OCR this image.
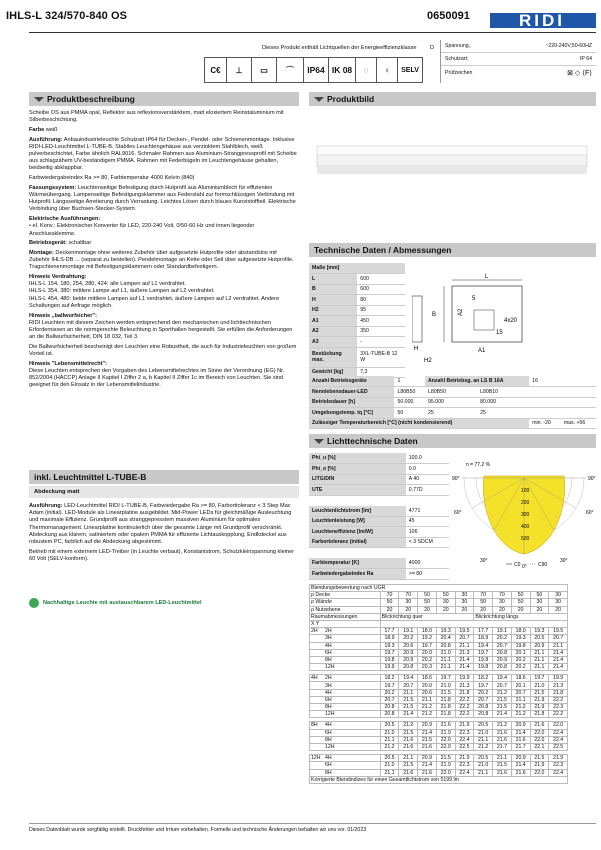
IHLS-L 324/570-840 OS	0650091	RIDI
Dieses Produkt enthält Lichtquellen der Energieeffizienzklasse D Spannung,	~220-240V,50-60HZ
Schutzart:	IP 64
Prüfzeichen	⊠ ◇ ⟨F⟩
C€	⊥	▭	⌒	IP64 IK 08	◌	♀	SELV
Produktbeschreibung

Scheibe OS aus PMMA opal, Reflektor aus reflexionsverstärktem, matt eloxiertem Reinstaluminium mit Silberbeschichtung.

Farbe weiß

Ausführung: Anbauindustrieleuchte Schutzart IP64 für Decken-, Pendel- oder Schienenmontage. Inklusive RIDI-LED-Leuchtmittel L-TUBE-B. Stabiles Leuchtengehäuse aus verzinktem Stahlblech, weiß pulverbeschichtet, Farbe ähnlich RAL9016. Schmaler Rahmen aus Aluminium-Strangpressprofil mit Scheibe aus schlagzähem UV-beständigem PMMA. Rahmen mit Federbügeln im Leuchtengehäuse gehalten, beidseitig abklappbar.

Farbwiedergabeindex Ra >= 80, Farbtemperatur 4000 Kelvin (840)

Fassungssystem: Leuchtenseitige Befestigung durch Hutprofil aus Aluminiumblech für effizienten Wärmeübergang. Lampenseitige Befestigungsklammer aus Federstahl zur formschlüssigen Verbindung mit Hutprofil. Längsseitige Arretierung durch Verrastung. Leichtes Lösen durch blaues Kunststoffteil. Elektrische Verbindung über Buchsen-Stecker-System.

Elektrische Ausführungen:

• el. Konv.: Elektronischer Konverter für LED, 220-240 Volt, 0/50-60 Hz und innen liegender Anschlussklemme.

Betriebsgerät: schaltbar

Montage: Deckenmontage ohne weiteres Zubehör über aufgesetzte Hutprofile oder abstandslos mit Zubehör IHLS-DB ... (separat zu bestellen). Pendelmontage an Kette oder Seil über aufgesetzte Hutprofile. Tragschienenmontage mit Befestigungsklammern oder Standardbefestigern.

Hinweis Verdrahtung:

IHLS-L 154, 180, 254, 280, 424: alle Lampen auf L1 verdrahtet.
IHLS-L 354, 380: mittlere Lampe auf L1, äußere Lampen auf L2 verdrahtet.

IHLS-L 454, 480: beide mittlere Lampen auf L1 verdrahtet, äußere Lampen auf L2 verdrahtet. Andere Schaltungen auf Anfrage möglich.

Hinweis „ballwurfsicher":

RIDI Leuchten mit diesem Zeichen werden entsprechend den mechanischen und lichttechnischen Erfordernissen an die normgerechte Beleuchtung in Sporthallen hergestellt. Sie erfüllen die Anforderungen an die Ballwurfsicherheit, DIN 18 032, Teil 3.

Die Ballwurfsicherheit bescheinigt den Leuchten eine Robustheit, die auch für Industrieleuchten von großem Vorteil ist.

Hinweis "Lebensmittelrecht":

Diese Leuchten entsprechen den Vorgaben des Lebensmittelrechtes im Sinne der Verordnung (EG) Nr. 852/2004 (HACCP) Anlage II Kapitel I Ziffer 2 a, b Kapitel II Ziffer 1c im Bereich von Leuchten. Sie sind geeignet für den Einsatz in der Lebensmittelindustrie.

inkl. Leuchtmittel L-TUBE-B
Abdeckung matt

Ausführung: LED-Leuchtmittel RIDI L-TUBE-B, Farbwiedergabe Ra >= 80, Farborttoleranz < 3 Step Mac Adam (initial). LED-Module als Linearplatine ausgebildet. Mid-Power LEDs für gleichmäßige Ausleuchtung und maximale Effizienz. Grundprofil aus stranggepresstem massiven Aluminium für optimales Thermomanagement. Linearplatine kontinuierlich über die gesamte Länge mit Grundprofil verschränkt. Abdeckung aus klarem, satiniertem oder opalem PMMA für effiziente Lichtauskopplung, Endkdeckel aus robustem PC, farblich auf die Abdeckung abgestimmt.

Betrieb mit einem externem LED-Treiber (in Leuchte verbaut), Konstantstrom, Schutzkleinspannung kleiner 60 Volt (SELV-konform).

Nachhaltige Leuchte mit austauschbarem LED-Leuchtmittel
Produktbild
Technische Daten / Abmessungen
Maße [mm]	
L	600
B	600
H	80
H2	95
A1	450
A2	350
A3	-
Bestückung max.	3XL-TUBE-B 12 W
Gewicht [kg]	7,3
L
B	A2
A1
15
4x20
5
H
H2
Anzahl Betriebsgeräte	1	Anzahl Betriebsg. an LS B 16A		16	
Nennlebensdauer-LED	L80B50	L80B50	L80B10		
Betriebsdauer [h]	50.000	95.000	80.000		
Umgebungstemp. tq [°C]	50	25	25		
Zulässiger Temperaturbereich [°C] (nicht kondensierend)				min. -20	max. +56
Lichttechnische Daten
Phi_u [%]	100.0
Phi_o [%]	0.0
LITG/DIN	A 40
UTE	0.77D

Leuchtenlichtstrom [lm]	4771
Leuchtenleistung [W]	45
Leuchteneffizienz [lm/W]	106
Farbortoleranz (initial)	< 3 SDCM

Farbtemperatur [K]	4000
Farbwiedergabeindex Ra	>= 80
n = 77.2 %
100
200
300
400
500
90°
60°
30°
0°
30°
60°
90°
C0	C90
Blendungsbewertung nach UGR										
ρ Decke	70	70	50	50	30	70	70	50	50	30
ρ Wände	50	30	50	30	30	50	30	50	30	30
ρ Nutzebene	20	20	20	20	20	20	20	20	20	20
Raumabmessungen	Blickrichtung quer					Blickrichtung längs				
X Y										
2H 2H	17.7	19.1	18.0	19.3	19.5	17.7	19.1	18.0	19.3	19.5
3H	18.9	20.2	19.2	20.4	20.7	18.9	20.2	19.3	20.5	20.7
4H	19.3	20.6	19.7	20.8	21.1	19.4	20.7	19.8	20.9	21.1
6H	19.7	20.9	20.0	21.0	21.3	19.7	20.8	20.1	21.1	21.4
8H	19.8	20.9	20.2	21.1	21.4	19.8	20.9	20.2	21.1	21.4
12H	19.9	20.8	20.3	21.1	21.4	19.8	20.8	20.2	21.1	21.4

4H 2H	18.2	19.4	18.6	19.7	19.9	18.2	19.4	18.6	19.7	19.9
3H	19.7	20.7	20.0	21.0	21.3	19.7	20.7	20.1	21.0	21.3
4H	20.2	21.1	20.6	21.5	21.8	20.2	21.2	20.7	21.5	21.8
6H	20.7	21.5	21.1	21.8	22.2	20.7	21.5	21.1	21.9	22.2
8H	20.8	21.5	21.2	21.8	22.2	20.8	21.5	21.2	21.9	22.3
12H	20.8	21.4	21.2	21.8	22.2	20.8	21.4	21.2	21.8	22.2

8H 4H	20.5	21.2	20.9	21.6	21.9	20.5	21.2	20.9	21.6	22.0
6H	21.0	21.5	21.4	21.9	22.3	21.0	21.6	21.4	22.0	22.4
8H	21.1	21.6	21.5	22.0	22.4	21.1	21.6	21.6	22.0	22.4
12H	21.2	21.6	21.6	22.0	22.5	21.2	21.7	21.7	22.1	22.5

12H 4H	20.5	21.1	20.9	21.5	21.9	20.5	21.1	20.9	21.5	21.9
6H	21.0	21.5	21.4	21.9	22.3	21.0	21.5	21.4	21.9	22.3
8H	21.1	21.6	21.6	22.0	22.4	21.1	21.6	21.6	22.0	22.4
Korrigierte Blendindizes für einen Gesamtlichtstrom von 5199 lm										
Dieses Datenblatt wurde sorgfältig erstellt. Druckfehler und Irrtum vorbehalten. Formelle und technische Änderungen behalten wir uns vor. 01/2023
